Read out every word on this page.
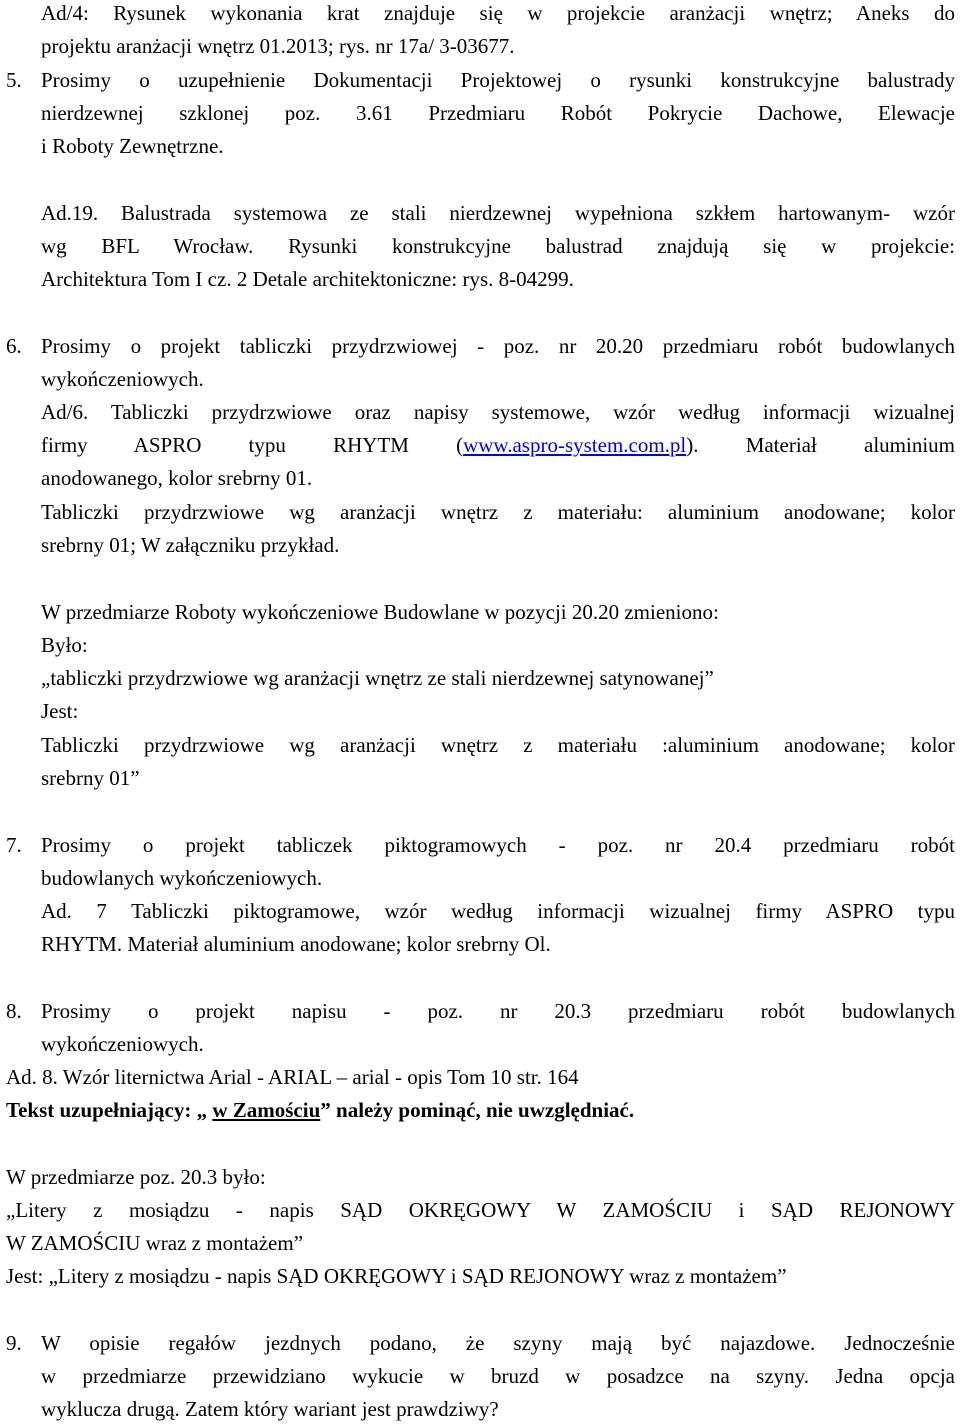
Ad/4: Rysunek wykonania krat znajduje się w projekcie aranżacji wnętrz; Aneks do
projektu aranżacji wnętrz 01.2013; rys. nr 17a/ 3-03677.
5. Prosimy o uzupełnienie Dokumentacji Projektowej o rysunki konstrukcyjne balustrady
nierdzewnej szklonej poz. 3.61 Przedmiaru Robót Pokrycie Dachowe, Elewacje
i Roboty Zewnętrzne.
Ad.19. Balustrada systemowa ze stali nierdzewnej wypełniona szkłem hartowanym- wzór
wg BFL Wrocław. Rysunki konstrukcyjne balustrad znajdują się w projekcie:
Architektura Tom I cz. 2 Detale architektoniczne: rys. 8-04299.
6. Prosimy o projekt tabliczki przydrzwiowej - poz. nr 20.20 przedmiaru robót budowlanych
wykończeniowych.
Ad/6. Tabliczki przydrzwiowe oraz napisy systemowe, wzór według informacji wizualnej
firmy ASPRO typu RHYTM (www.aspro-system.com.pl). Materiał aluminium
anodowanego, kolor srebrny 01.
Tabliczki przydrzwiowe wg aranżacji wnętrz z materiału: aluminium anodowane; kolor
srebrny 01; W załączniku przykład.
W przedmiarze Roboty wykończeniowe Budowlane w pozycji 20.20 zmieniono:
Było:
„tabliczki przydrzwiowe wg aranżacji wnętrz ze stali nierdzewnej satynowanej”
Jest:
Tabliczki przydrzwiowe wg aranżacji wnętrz z materiału :aluminium anodowane; kolor
srebrny 01”
7. Prosimy o projekt tabliczek piktogramowych - poz. nr 20.4 przedmiaru robót
budowlanych wykończeniowych.
Ad. 7 Tabliczki piktogramowe, wzór według informacji wizualnej firmy ASPRO typu
RHYTM. Materiał aluminium anodowane; kolor srebrny Ol.
8. Prosimy o projekt napisu - poz. nr 20.3 przedmiaru robót budowlanych
wykończeniowych.
Ad. 8. Wzór liternictwa Arial - ARIAL – arial - opis Tom 10 str. 164
Tekst uzupełniający: „ w Zamościu” należy pominąć, nie uwzględniać.
W przedmiarze poz. 20.3 było:
„Litery z mosiądzu - napis SĄD OKRĘGOWY W ZAMOŚCIU i SĄD REJONOWY
W ZAMOŚCIU wraz z montażem”
Jest: „Litery z mosiądzu - napis SĄD OKRĘGOWY i SĄD REJONOWY wraz z montażem”
9. W opisie regałów jezdnych podano, że szyny mają być najazdowe. Jednocześnie
w przedmiarze przewidziano wykucie w bruzd w posadzce na szyny. Jedna opcja
wyklucza drugą. Zatem który wariant jest prawdziwy?
